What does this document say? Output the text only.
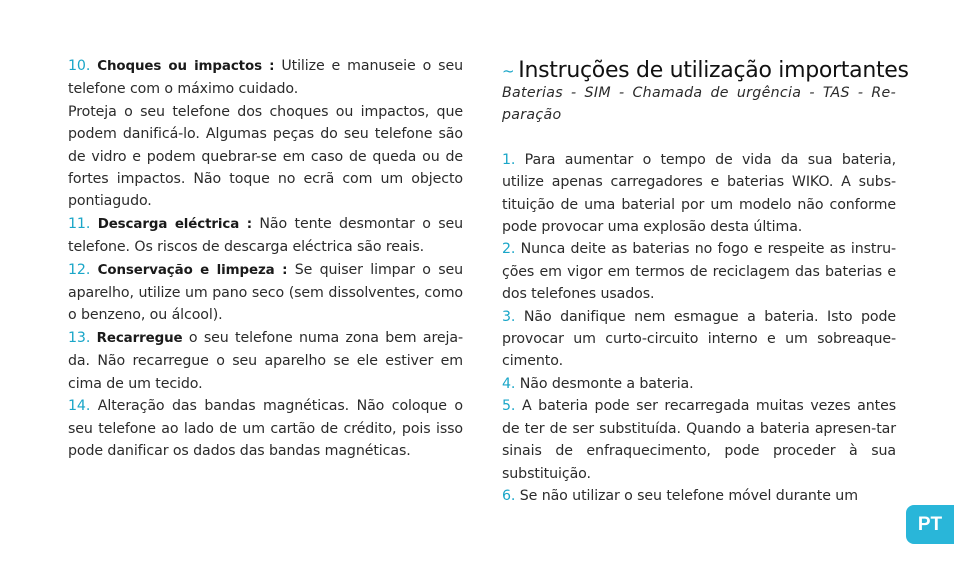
10. Choques ou impactos : Utilize e manuseie o seu telefone com o máximo cuidado.

Proteja o seu telefone dos choques ou impactos, que podem danificá-lo. Algumas peças do seu telefone são de vidro e podem quebrar-se em caso de queda ou de fortes impactos. Não toque no ecrã com um objecto pontiagudo.

11. Descarga eléctrica : Não tente desmontar o seu telefone. Os riscos de descarga eléctrica são reais.

12. Conservação e limpeza : Se quiser limpar o seu aparelho, utilize um pano seco (sem dissolventes, como o benzeno, ou álcool).

13. Recarregue o seu telefone numa zona bem areja-da. Não recarregue o seu aparelho se ele estiver em cima de um tecido.

14. Alteração das bandas magnéticas. Não coloque o seu telefone ao lado de um cartão de crédito, pois isso pode danificar os dados das bandas magnéticas.

~ Instruções de utilização importantes

Baterias - SIM - Chamada de urgência - TAS - Re-paração

1. Para aumentar o tempo de vida da sua bateria, utilize apenas carregadores e baterias WIKO. A subs-tituição de uma baterial por um modelo não conforme pode provocar uma explosão desta última.

2. Nunca deite as baterias no fogo e respeite as instru-ções em vigor em termos de reciclagem das baterias e dos telefones usados.

3. Não danifique nem esmague a bateria. Isto pode provocar um curto-circuito interno e um sobreaque-cimento.

4. Não desmonte a bateria.

5. A bateria pode ser recarregada muitas vezes antes de ter de ser substituída. Quando a bateria apresen-tar sinais de enfraquecimento, pode proceder à sua substituição.

6. Se não utilizar o seu telefone móvel durante um

PT
